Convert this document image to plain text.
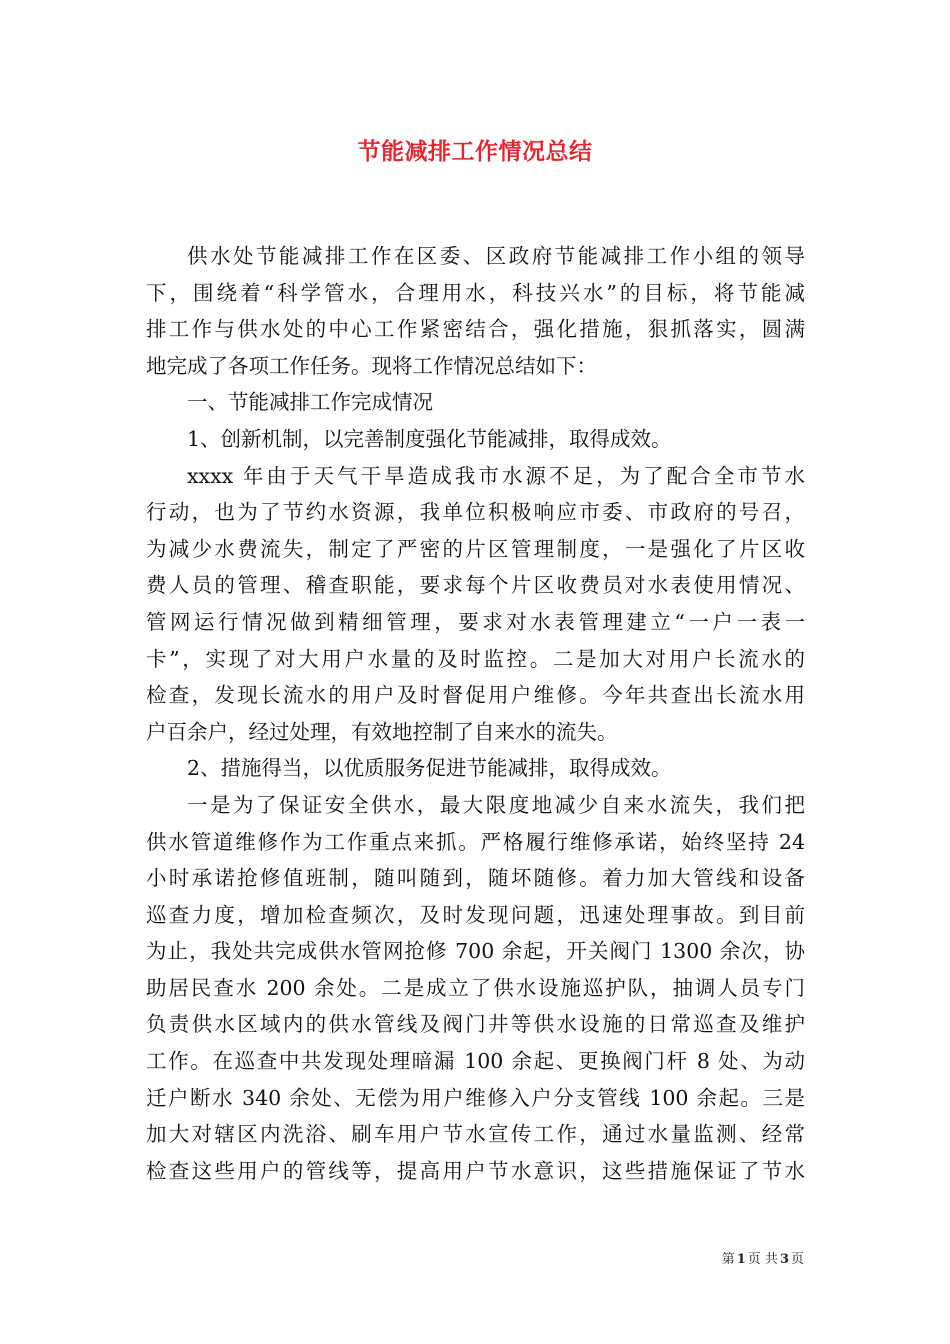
节能减排工作情况总结
供水处节能减排工作在区委、区政府节能减排工作小组的领导
下，围绕着“科学管水，合理用水，科技兴水”的目标，将节能减
排工作与供水处的中心工作紧密结合，强化措施，狠抓落实，圆满
地完成了各项工作任务。现将工作情况总结如下：
一、节能减排工作完成情况
1、创新机制，以完善制度强化节能减排，取得成效。
xxxx 年由于天气干旱造成我市水源不足，为了配合全市节水
行动，也为了节约水资源，我单位积极响应市委、市政府的号召，
为减少水费流失，制定了严密的片区管理制度，一是强化了片区收
费人员的管理、稽查职能，要求每个片区收费员对水表使用情况、
管网运行情况做到精细管理，要求对水表管理建立“一户一表一
卡”，实现了对大用户水量的及时监控。二是加大对用户长流水的
检查，发现长流水的用户及时督促用户维修。今年共查出长流水用
户百余户，经过处理，有效地控制了自来水的流失。
2、措施得当，以优质服务促进节能减排，取得成效。
一是为了保证安全供水，最大限度地减少自来水流失，我们把
供水管道维修作为工作重点来抓。严格履行维修承诺，始终坚持 24
小时承诺抢修值班制，随叫随到，随坏随修。着力加大管线和设备
巡查力度，增加检查频次，及时发现问题，迅速处理事故。到目前
为止，我处共完成供水管网抢修 700 余起，开关阀门 1300 余次，协
助居民查水 200 余处。二是成立了供水设施巡护队，抽调人员专门
负责供水区域内的供水管线及阀门井等供水设施的日常巡查及维护
工作。在巡查中共发现处理暗漏 100 余起、更换阀门杆 8 处、为动
迁户断水 340 余处、无偿为用户维修入户分支管线 100 余起。三是
加大对辖区内洗浴、刷车用户节水宣传工作，通过水量监测、经常
检查这些用户的管线等，提高用户节水意识，这些措施保证了节水
第 1 页 共 3 页
